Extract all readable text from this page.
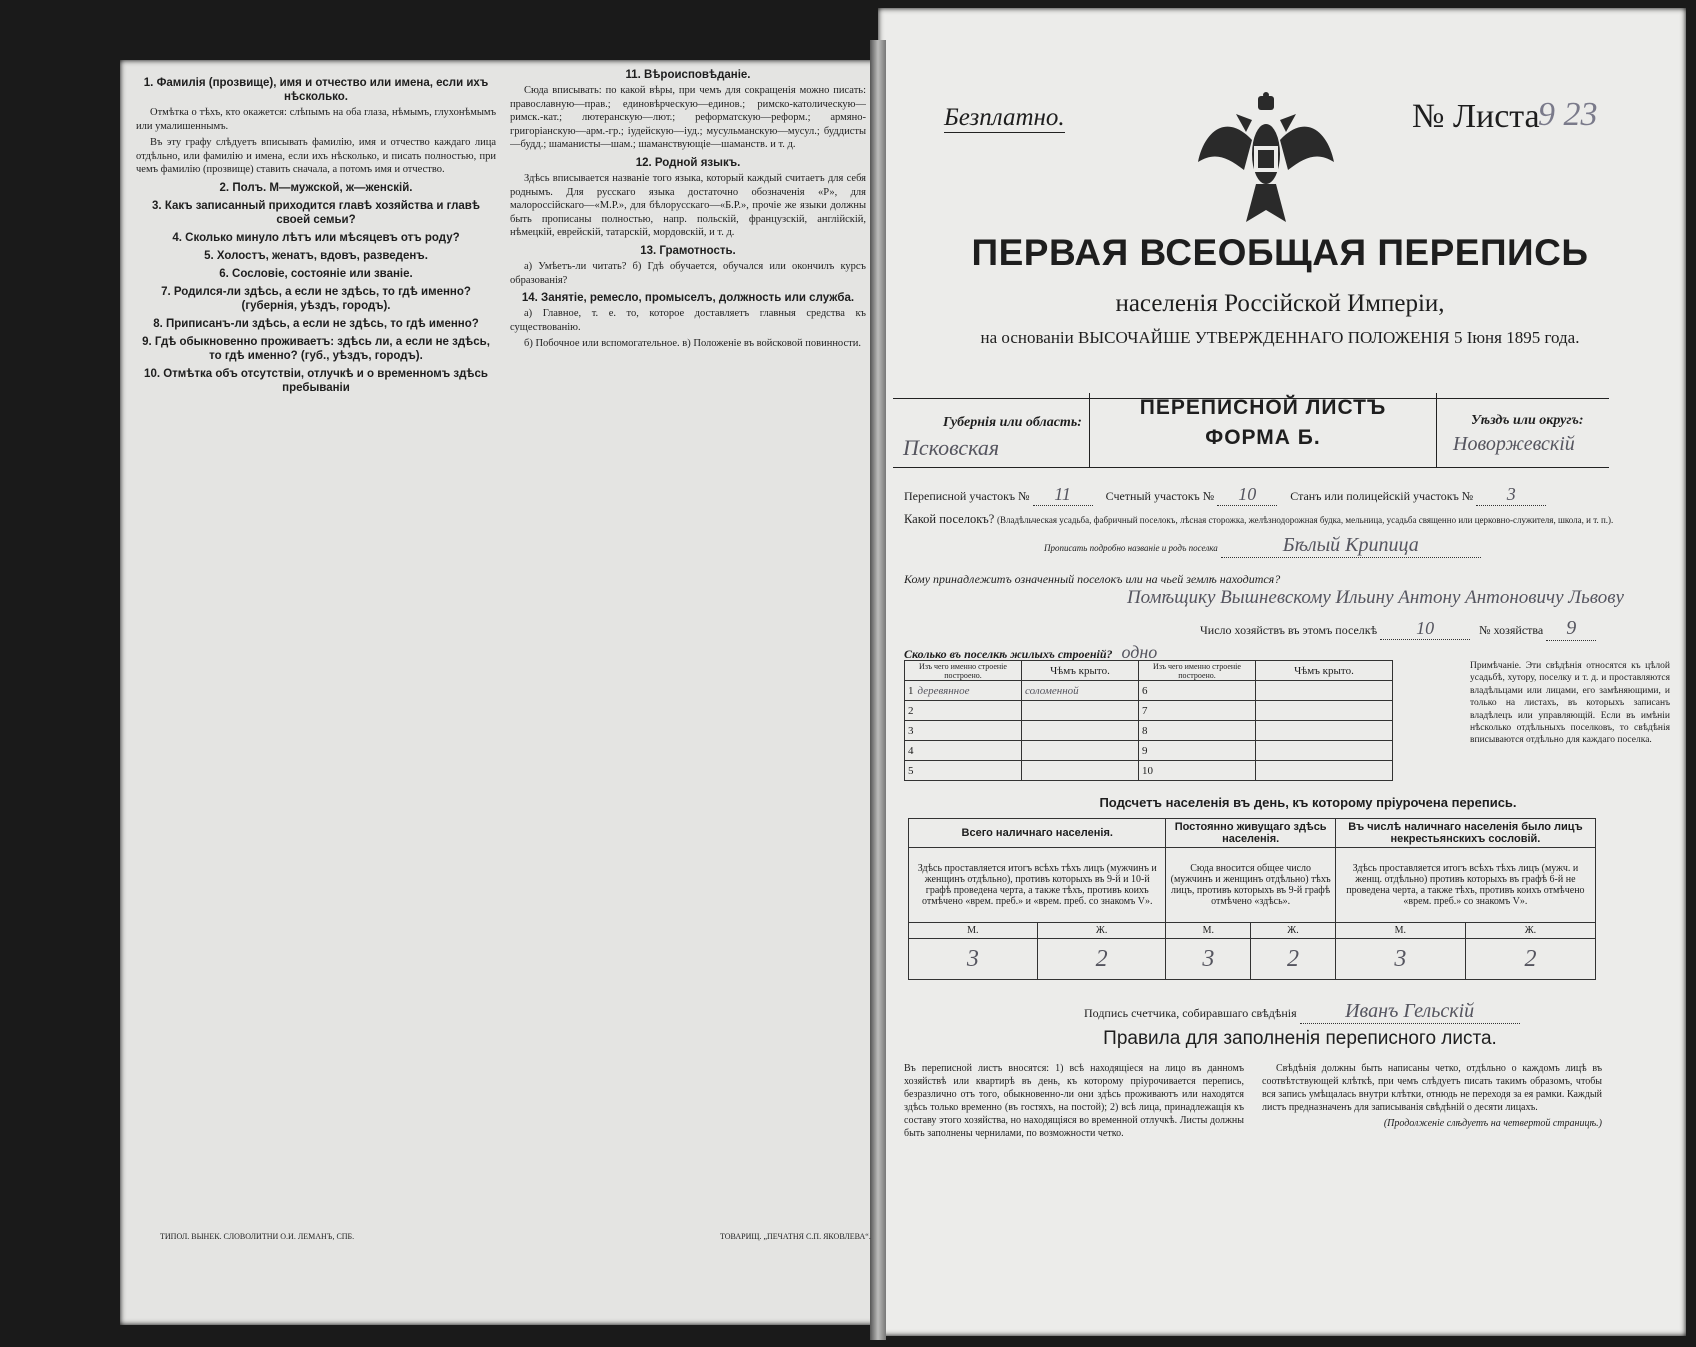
1. Фамилія (прозвище), имя и отчество или имена, если ихъ нѣсколько.

Отмѣтка о тѣхъ, кто окажется: слѣпымъ на оба глаза, нѣмымъ, глухонѣмымъ или умалишеннымъ.

Въ эту графу слѣдуетъ вписывать фамилію, имя и отчество каждаго лица отдѣльно, или фамилію и имена, если ихъ нѣсколько, и писать полностью, при чемъ фамилію (прозвище) ставить сначала, а потомъ имя и отчество.

2. Полъ. М—мужской, ж—женскій.
3. Какъ записанный приходится главѣ хозяйства и главѣ своей семьи?
4. Сколько минуло лѣтъ или мѣсяцевъ отъ роду?
5. Холостъ, женатъ, вдовъ, разведенъ.
6. Сословіе, состояніе или званіе.
7. Родился-ли здѣсь, а если не здѣсь, то гдѣ именно? (губернія, уѣздъ, городъ).
8. Приписанъ-ли здѣсь, а если не здѣсь, то гдѣ именно?
9. Гдѣ обыкновенно проживаетъ: здѣсь ли, а если не здѣсь, то гдѣ именно? (губ., уѣздъ, городъ).
10. Отмѣтка объ отсутствіи, отлучкѣ и о временномъ здѣсь пребываніи
11. Вѣроисповѣданіе.

Сюда вписывать: по какой вѣры, при чемъ для сокращенія можно писать: православную—прав.; единовѣрческую—единов.; римско-католическую—римск.-кат.; лютеранскую—лют.; реформатскую—реформ.; армяно-григоріанскую—арм.-гр.; іудейскую—іуд.; мусульманскую—мусул.; буддисты—будд.; шаманисты—шам.; шаманствующіе—шаманств. и т. д.

12. Родной языкъ.

Здѣсь вписывается названіе того языка, который каждый считаетъ для себя роднымъ. Для русскаго языка достаточно обозначенія «Р», для малороссійскаго—«М.Р.», для бѣлорусскаго—«Б.Р.», прочіе же языки должны быть прописаны полностью, напр. польскій, французскій, англійскій, нѣмецкій, еврейскій, татарскій, мордовскій, и т. д.

13. Грамотность.

а) Умѣетъ-ли читать? б) Гдѣ обучается, обучался или окончилъ курсъ образованія?

14. Занятіе, ремесло, промыселъ, должность или служба.

а) Главное, т. е. то, которое доставляетъ главныя средства къ существованію.

б) Побочное или вспомогательное. в) Положеніе въ войсковой повинности.

ТИПОЛ. ВЫНЕК. СЛОВОЛИТНИ О.И. ЛЕМАНЪ, СПБ.	ТОВАРИЩ. „ПЕЧАТНЯ С.П. ЯКОВЛЕВА“.
Безплатно.	№ Листа
9 23
ПЕРВАЯ ВСЕОБЩАЯ ПЕРЕПИСЬ
населенія Россійской Имперіи,
на основаніи ВЫСОЧАЙШЕ УТВЕРЖДЕННАГО ПОЛОЖЕНІЯ 5 Іюня 1895 года.
Губернія или область:
Псковская
ПЕРЕПИСНОЙ ЛИСТЪ
ФОРМА Б.
Уѣздъ или округъ:
Новоржевскій
Переписной участокъ № 11	Счетный участокъ № 10	Станъ или полицейскій участокъ № 3
Какой поселокъ? (Владѣльческая усадьба, фабричный поселокъ, лѣсная сторожка, желѣзнодорожная будка, мельница, усадьба священно или церковно-служителя, школа, и т. п.).
Прописать подробно названіе и родъ поселка	Бѣлый Крипица
Кому принадлежитъ означенный поселокъ или на чьей землѣ находится?
Помѣщику Вышневскому Ильину Антону Антоновичу Львову
Число хозяйствъ въ этомъ поселкѣ 10	№ хозяйства 9
Сколько въ поселкѣ жилыхъ строеній? одно
Изъ чего именно строеніе построено.	Чѣмъ крыто.	Изъ чего именно строеніе построено.	Чѣмъ крыто.
1 деревянное	соломенной	6	
2		7	
3		8	
4		9	
5		10	
Примѣчаніе. Эти свѣдѣнія относятся къ цѣлой усадьбѣ, хутору, поселку и т. д. и проставляются владѣльцами или лицами, его замѣняющими, и только на листахъ, въ которыхъ записанъ владѣлецъ или управляющій. Если въ имѣніи нѣсколько отдѣльныхъ поселковъ, то свѣдѣнія вписываются отдѣльно для каждаго поселка.
Подсчетъ населенія въ день, къ которому пріурочена перепись.
Всего наличнаго населенія.		Постоянно живущаго здѣсь населенія.		Въ числѣ наличнаго населенія было лицъ некрестьянскихъ сословій.	
Здѣсь проставляется итогъ всѣхъ тѣхъ лицъ (мужчинъ и женщинъ отдѣльно), противъ которыхъ въ 9-й и 10-й графѣ проведена черта, а также тѣхъ, противъ коихъ отмѣчено «врем. преб.» и «врем. преб. со знакомъ V».		Сюда вносится общее число (мужчинъ и женщинъ отдѣльно) тѣхъ лицъ, противъ которыхъ въ 9-й графѣ отмѣчено «здѣсь».		Здѣсь проставляется итогъ всѣхъ тѣхъ лицъ (мужч. и женщ. отдѣльно) противъ которыхъ въ графѣ 6-й не проведена черта, а также тѣхъ, противъ коихъ отмѣчено «врем. преб.» со знакомъ V».	
М.	Ж.	М.	Ж.	М.	Ж.
3	2	3	2	3	2
Подпись счетчика, собиравшаго свѣдѣнія Иванъ Гельскій
Правила для заполненія переписного листа.
Въ переписной листъ вносятся: 1) всѣ находящіеся на лицо въ данномъ хозяйствѣ или квартирѣ въ день, къ которому пріурочивается перепись, безразлично отъ того, обыкновенно-ли они здѣсь проживаютъ или находятся здѣсь только временно (въ гостяхъ, на постой); 2) всѣ лица, принадлежащія къ составу этого хозяйства, но находящіяся во временной отлучкѣ. Листы должны быть заполнены чернилами, по возможности четко.

Свѣдѣнія должны быть написаны четко, отдѣльно о каждомъ лицѣ въ соотвѣтствующей клѣткѣ, при чемъ слѣдуетъ писать такимъ образомъ, чтобы вся запись умѣщалась внутри клѣтки, отнюдь не переходя за ея рамки. Каждый листъ предназначенъ для записыванія свѣдѣній о десяти лицахъ.

(Продолженіе слѣдуетъ на четвертой страницѣ.)
